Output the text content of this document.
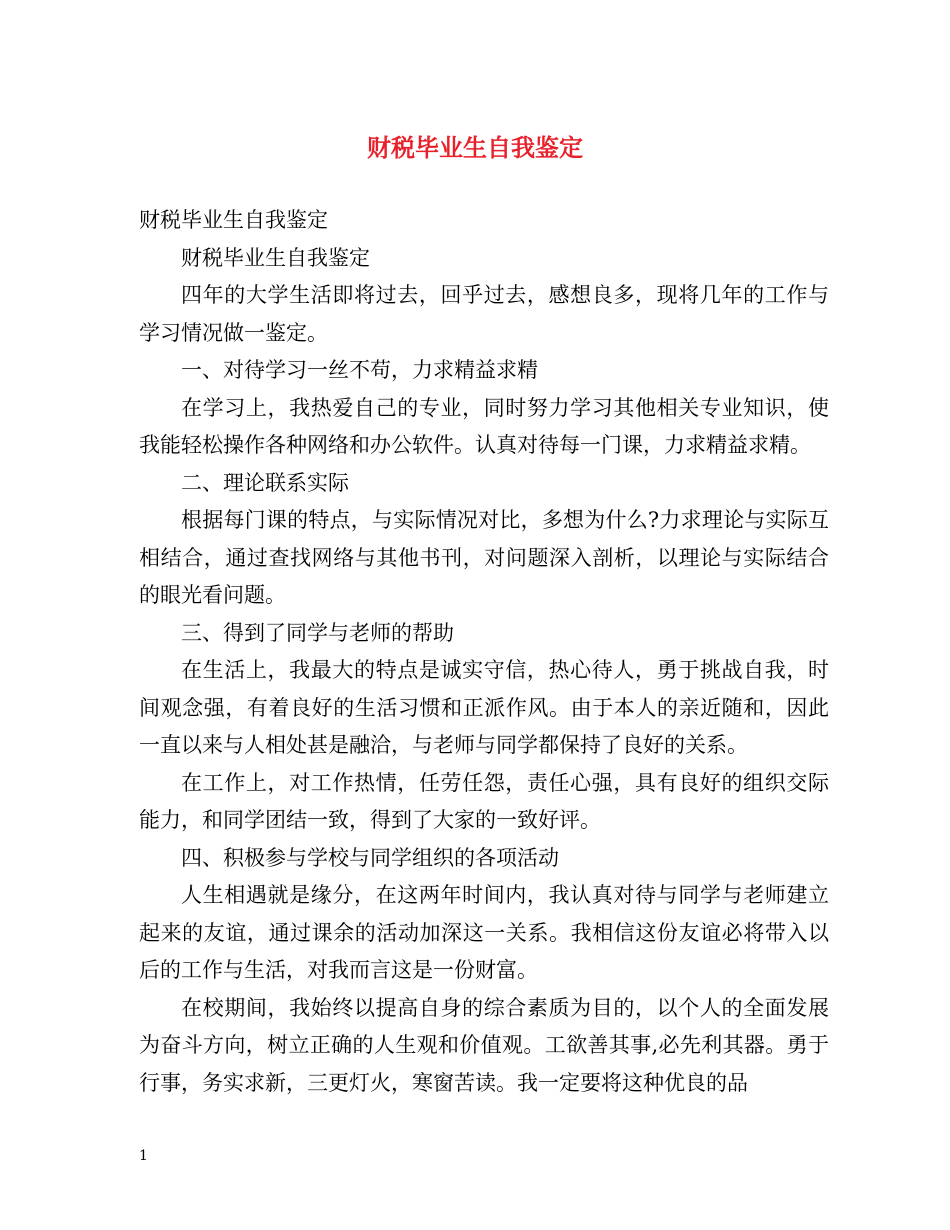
财税毕业生自我鉴定

财税毕业生自我鉴定

财税毕业生自我鉴定

四年的大学生活即将过去，回乎过去，感想良多，现将几年的工作与学习情况做一鉴定。

一、对待学习一丝不苟，力求精益求精

在学习上，我热爱自己的专业，同时努力学习其他相关专业知识，使我能轻松操作各种网络和办公软件。认真对待每一门课，力求精益求精。

二、理论联系实际

根据每门课的特点，与实际情况对比，多想为什么?力求理论与实际互相结合，通过查找网络与其他书刊，对问题深入剖析，以理论与实际结合的眼光看问题。

三、得到了同学与老师的帮助

在生活上，我最大的特点是诚实守信，热心待人，勇于挑战自我，时间观念强，有着良好的生活习惯和正派作风。由于本人的亲近随和，因此一直以来与人相处甚是融洽，与老师与同学都保持了良好的关系。

在工作上，对工作热情，任劳任怨，责任心强，具有良好的组织交际能力，和同学团结一致，得到了大家的一致好评。

四、积极参与学校与同学组织的各项活动

人生相遇就是缘分，在这两年时间内，我认真对待与同学与老师建立起来的友谊，通过课余的活动加深这一关系。我相信这份友谊必将带入以后的工作与生活，对我而言这是一份财富。

在校期间，我始终以提高自身的综合素质为目的，以个人的全面发展为奋斗方向，树立正确的人生观和价值观。工欲善其事,必先利其器。勇于行事，务实求新，三更灯火，寒窗苦读。我一定要将这种优良的品

1
